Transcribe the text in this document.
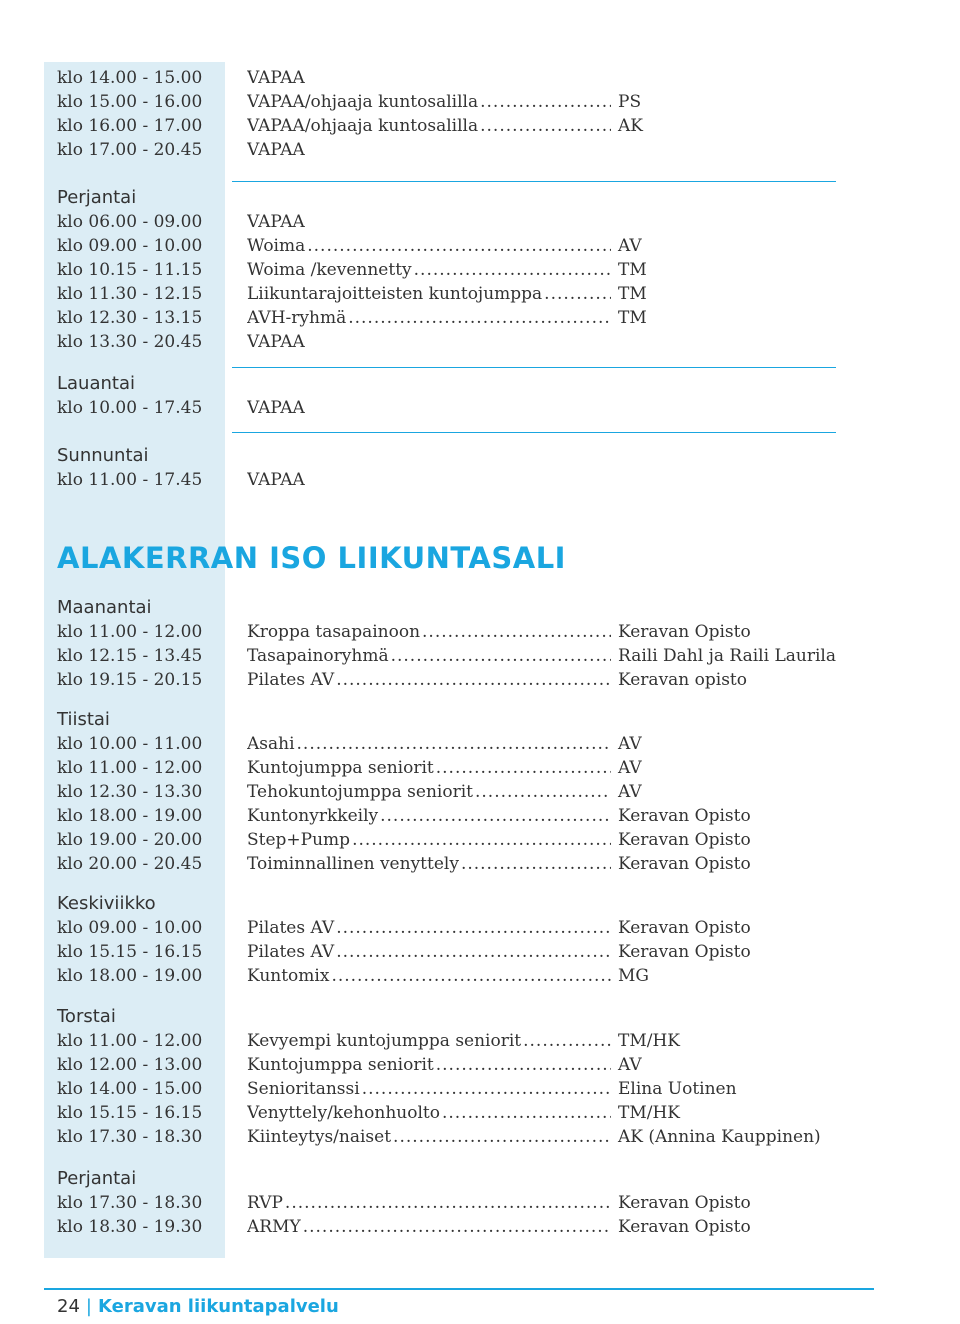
klo 14.00 - 15.00	VAPAA
klo 15.00 - 16.00	VAPAA/ohjaaja kuntosalilla .....	PS
klo 16.00 - 17.00	VAPAA/ohjaaja kuntosalilla .....	AK
klo 17.00 - 20.45	VAPAA
Perjantai
klo 06.00 - 09.00	VAPAA
klo 09.00 - 10.00	Woima .....	AV
klo 10.15 - 11.15	Woima /kevennetty .....	TM
klo 11.30 - 12.15	Liikuntarajoitteisten kuntojumppa .....	TM
klo 12.30 - 13.15	AVH-ryhmä .....	TM
klo 13.30 - 20.45	VAPAA
Lauantai
klo 10.00 - 17.45	VAPAA
Sunnuntai
klo 11.00 - 17.45	VAPAA
Maanantai
klo 11.00 - 12.00	Kroppa tasapainoon .....	Keravan Opisto
klo 12.15 - 13.45	Tasapainoryhmä .....	Raili Dahl ja Raili Laurila
klo 19.15 - 20.15	Pilates AV .....	Keravan opisto
Tiistai
klo 10.00 - 11.00	Asahi .....	AV
klo 11.00 - 12.00	Kuntojumppa seniorit .....	AV
klo 12.30 - 13.30	Tehokuntojumppa seniorit .....	AV
klo 18.00 - 19.00	Kuntonyrkkeily .....	Keravan Opisto
klo 19.00 - 20.00	Step+Pump .....	Keravan Opisto
klo 20.00 - 20.45	Toiminnallinen venyttely .....	Keravan Opisto
Keskiviikko
klo 09.00 - 10.00	Pilates AV .....	Keravan Opisto
klo 15.15 - 16.15	Pilates AV .....	Keravan Opisto
klo 18.00 - 19.00	Kuntomix .....	MG
Torstai
klo 11.00 - 12.00	Kevyempi kuntojumppa seniorit .....	TM/HK
klo 12.00 - 13.00	Kuntojumppa seniorit .....	AV
klo 14.00 - 15.00	Senioritanssi .....	Elina Uotinen
klo 15.15 - 16.15	Venyttely/kehonhuolto .....	TM/HK
klo 17.30 - 18.30	Kiinteytys/naiset .....	AK (Annina Kauppinen)
Perjantai
klo 17.30 - 18.30	RVP .....	Keravan Opisto
klo 18.30 - 19.30	ARMY .....	Keravan Opisto
ALAKERRAN ISO LIIKUNTASALI
24 | Keravan liikuntapalvelu
